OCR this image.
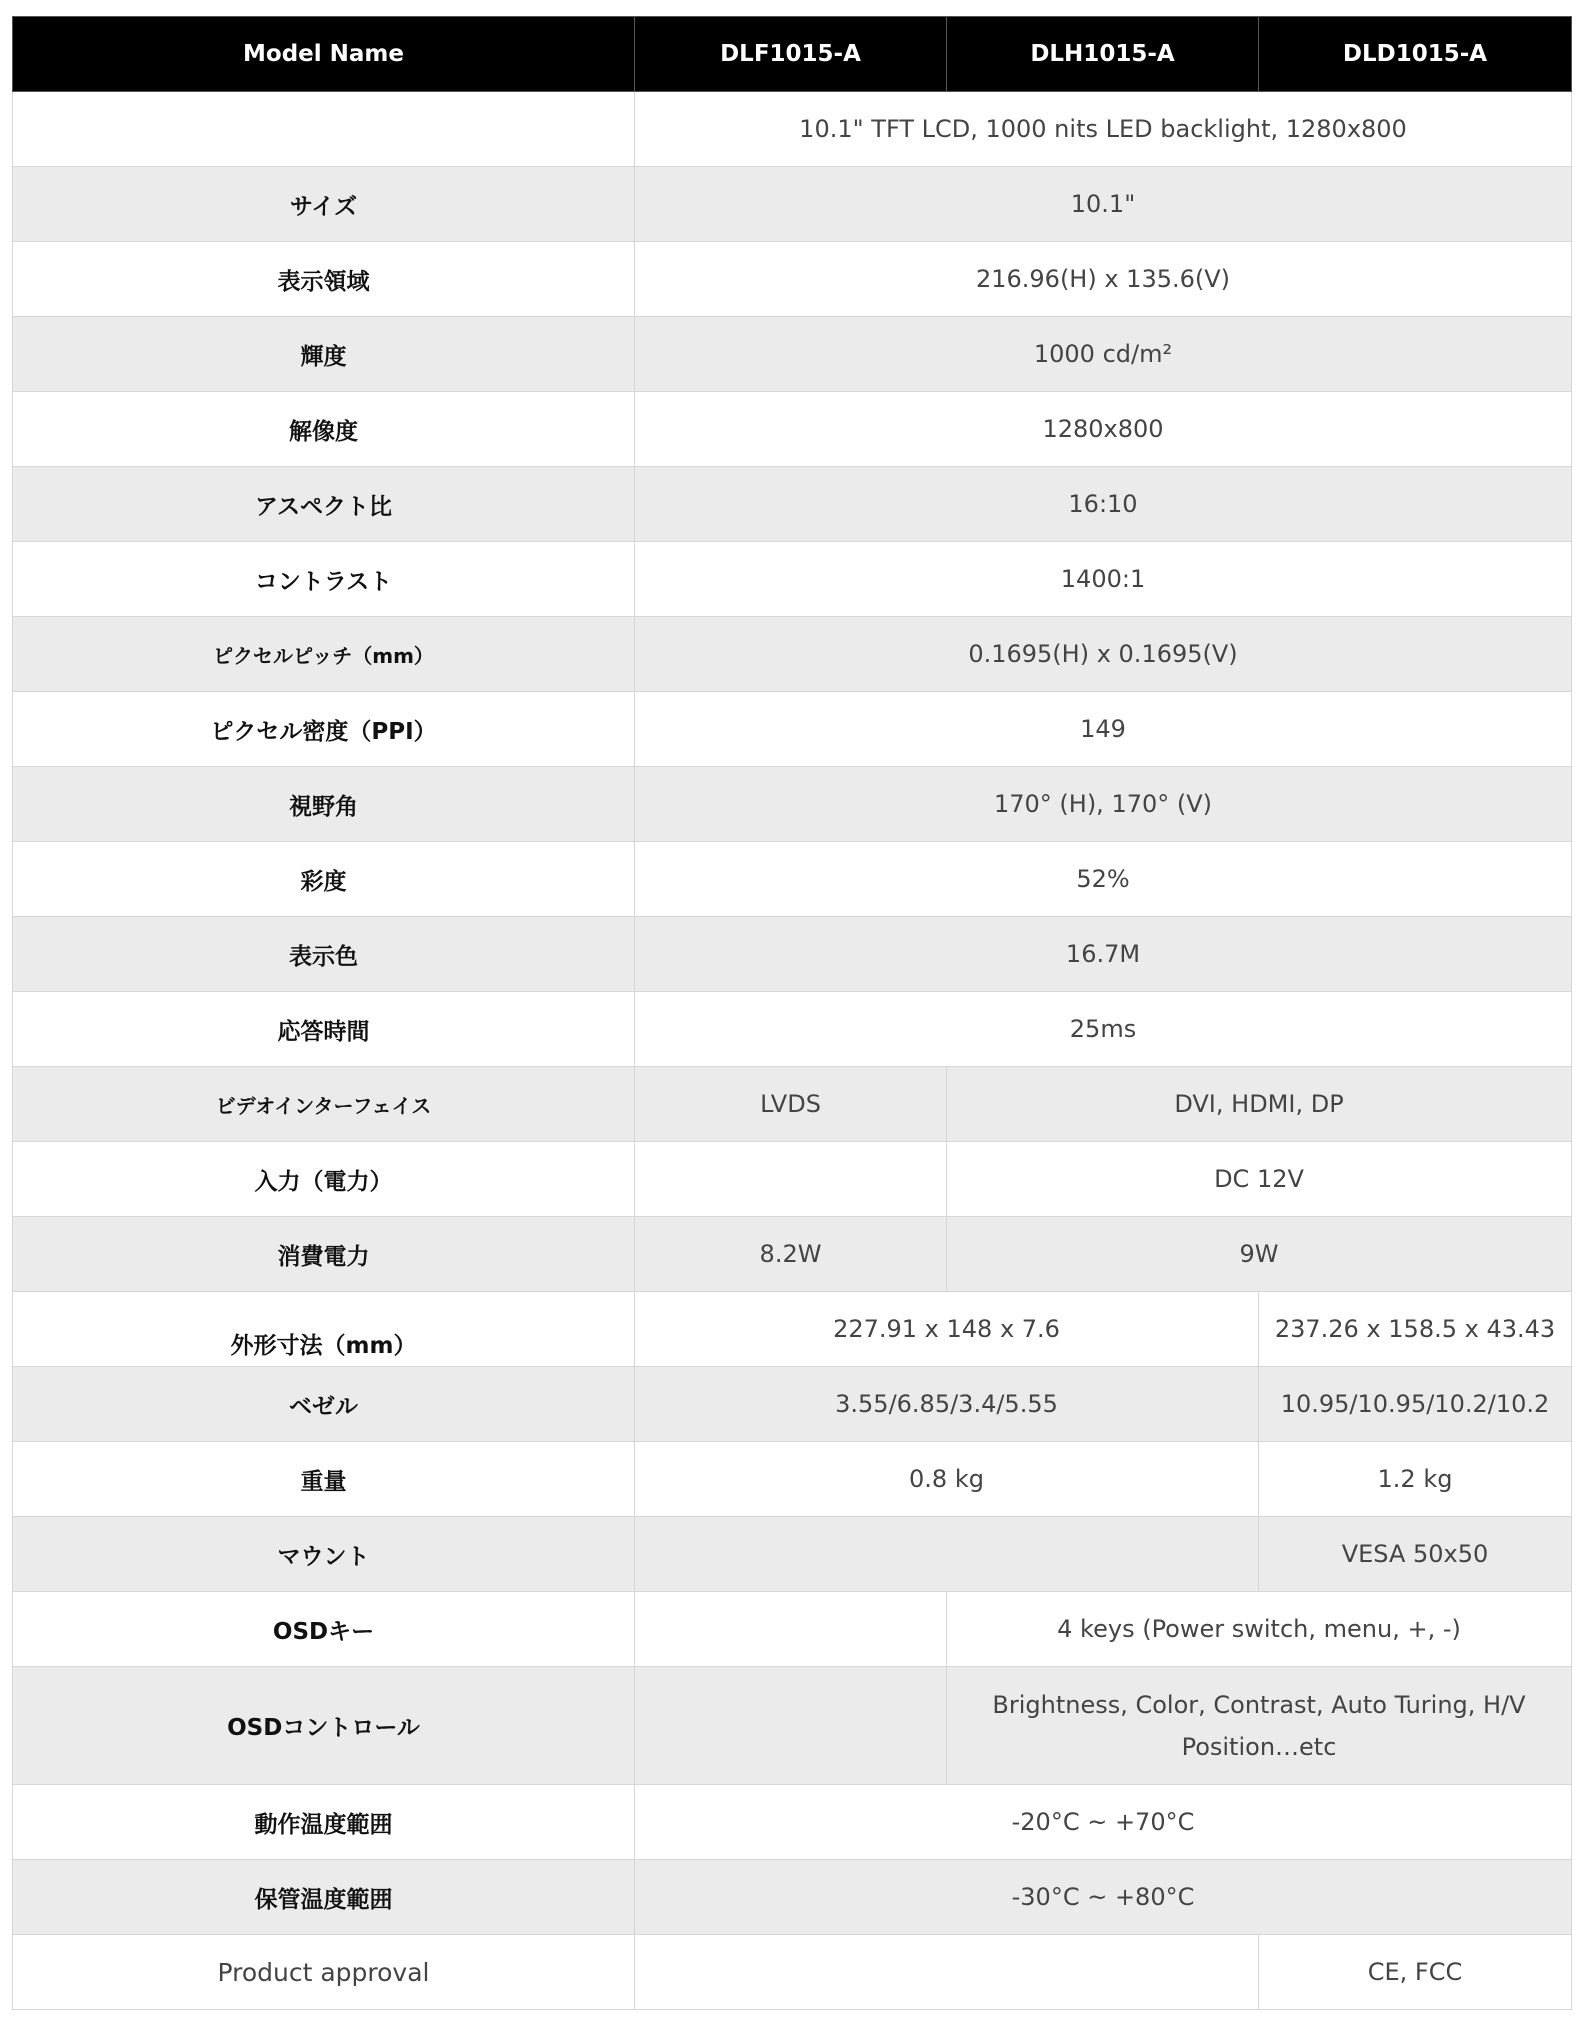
Model Name	DLF1015-A	DLH1015-A	DLD1015-A
	10.1" TFT LCD, 1000 nits LED backlight, 1280x800		
サイズ	10.1"		
表示領域	216.96(H) x 135.6(V)		
輝度	1000 cd/m²		
解像度	1280x800		
アスペクト比	16:10		
コントラスト	1400:1		
ピクセルピッチ（mm）	0.1695(H) x 0.1695(V)		
ピクセル密度（PPI）	149		
視野角	170° (H), 170° (V)		
彩度	52%		
表示色	16.7M		
応答時間	25ms		
ビデオインターフェイス	LVDS	DVI, HDMI, DP	
入力（電力）		DC 12V	
消費電力	8.2W	9W	
外形寸法（mm）	227.91 x 148 x 7.6		237.26 x 158.5 x 43.43
ベゼル	3.55/6.85/3.4/5.55		10.95/10.95/10.2/10.2
重量	0.8 kg		1.2 kg
マウント			VESA 50x50
OSDキー		4 keys (Power switch, menu, +, -)	
OSDコントロール		Brightness, Color, Contrast, Auto Turing, H/V
Position…etc	
動作温度範囲	-20°C ~ +70°C		
保管温度範囲	-30°C ~ +80°C		
Product approval			CE, FCC
